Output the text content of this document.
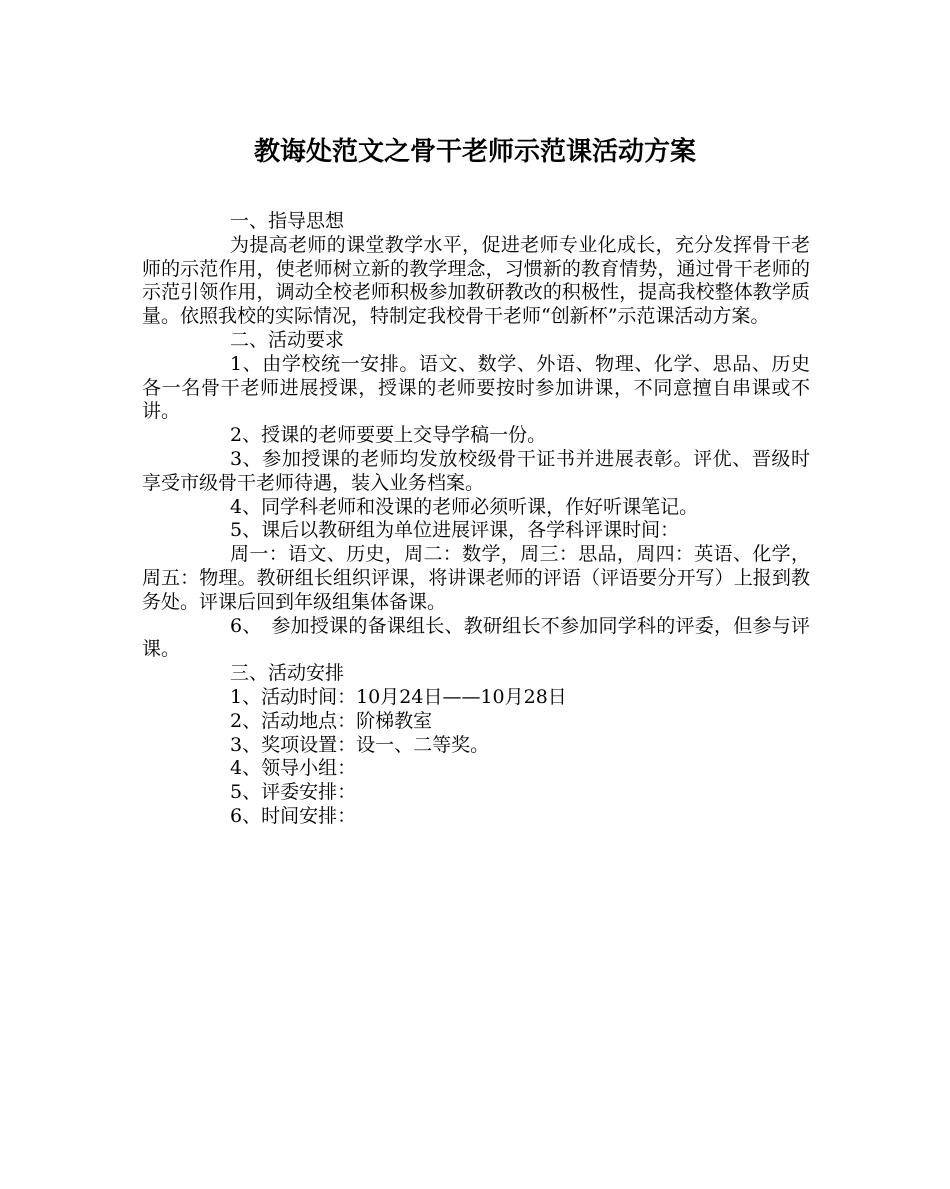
教诲处范文之骨干老师示范课活动方案

一、指导思想

为提高老师的课堂教学水平，促进老师专业化成长，充分发挥骨干老师的示范作用，使老师树立新的教学理念，习惯新的教育情势，通过骨干老师的示范引领作用，调动全校老师积极参加教研教改的积极性，提高我校整体教学质量。依照我校的实际情况，特制定我校骨干老师“创新杯”示范课活动方案。

二、活动要求

1、由学校统一安排。语文、数学、外语、物理、化学、思品、历史各一名骨干老师进展授课，授课的老师要按时参加讲课，不同意擅自串课或不讲。

2、授课的老师要要上交导学稿一份。

3、参加授课的老师均发放校级骨干证书并进展表彰。评优、晋级时享受市级骨干老师待遇，装入业务档案。

4、同学科老师和没课的老师必须听课，作好听课笔记。

5、课后以教研组为单位进展评课，各学科评课时间：

周一：语文、历史，周二：数学，周三：思品，周四：英语、化学，周五：物理。教研组长组织评课，将讲课老师的评语（评语要分开写）上报到教务处。评课后回到年级组集体备课。

6、　参加授课的备课组长、教研组长不参加同学科的评委，但参与评课。

三、活动安排

1、活动时间：10月24日——10月28日

2、活动地点：阶梯教室

3、奖项设置：设一、二等奖。

4、领导小组：

5、评委安排：

6、时间安排：
